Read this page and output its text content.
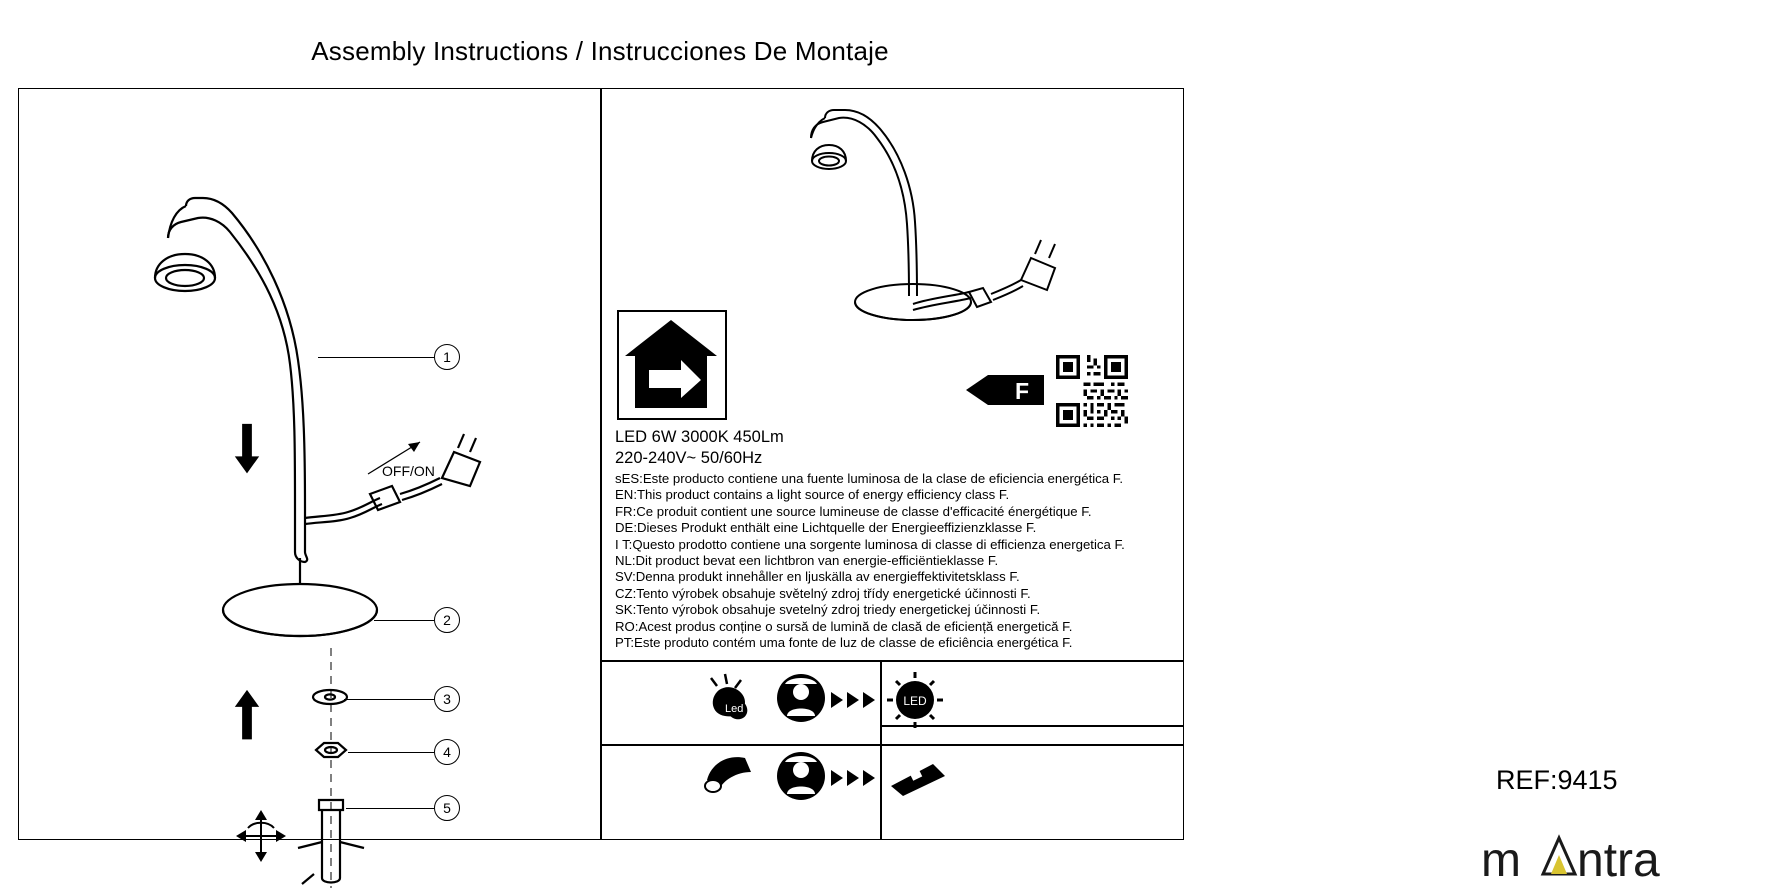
Assembly Instructions / Instrucciones De Montaje
1
2
3
4
5
OFF/ON
F
LED 6W 3000K 450Lm
220-240V~ 50/60Hz
sES:Este producto contiene una fuente luminosa de la clase de eficiencia energética F.
EN:This product contains a light source of energy efficiency class F.
FR:Ce produit contient une source lumineuse de classe d'efficacité énergétique F.
DE:Dieses Produkt enthält eine Lichtquelle der Energieeffizienzklasse F.
I T:Questo prodotto contiene una sorgente luminosa di classe di efficienza energetica F.
NL:Dit product bevat een lichtbron van energie-efficiëntieklasse F.
SV:Denna produkt innehåller en ljuskälla av energieffektivitetsklass F.
CZ:Tento výrobek obsahuje světelný zdroj třídy energetické účinnosti F.
SK:Tento výrobok obsahuje svetelný zdroj triedy energetickej účinnosti F.
RO:Acest produs conține o sursă de lumină de clasă de eficiență energetică F.
PT:Este produto contém uma fonte de luz de classe de eficiência energética F.
Led
LED
REF:9415
m ntra
